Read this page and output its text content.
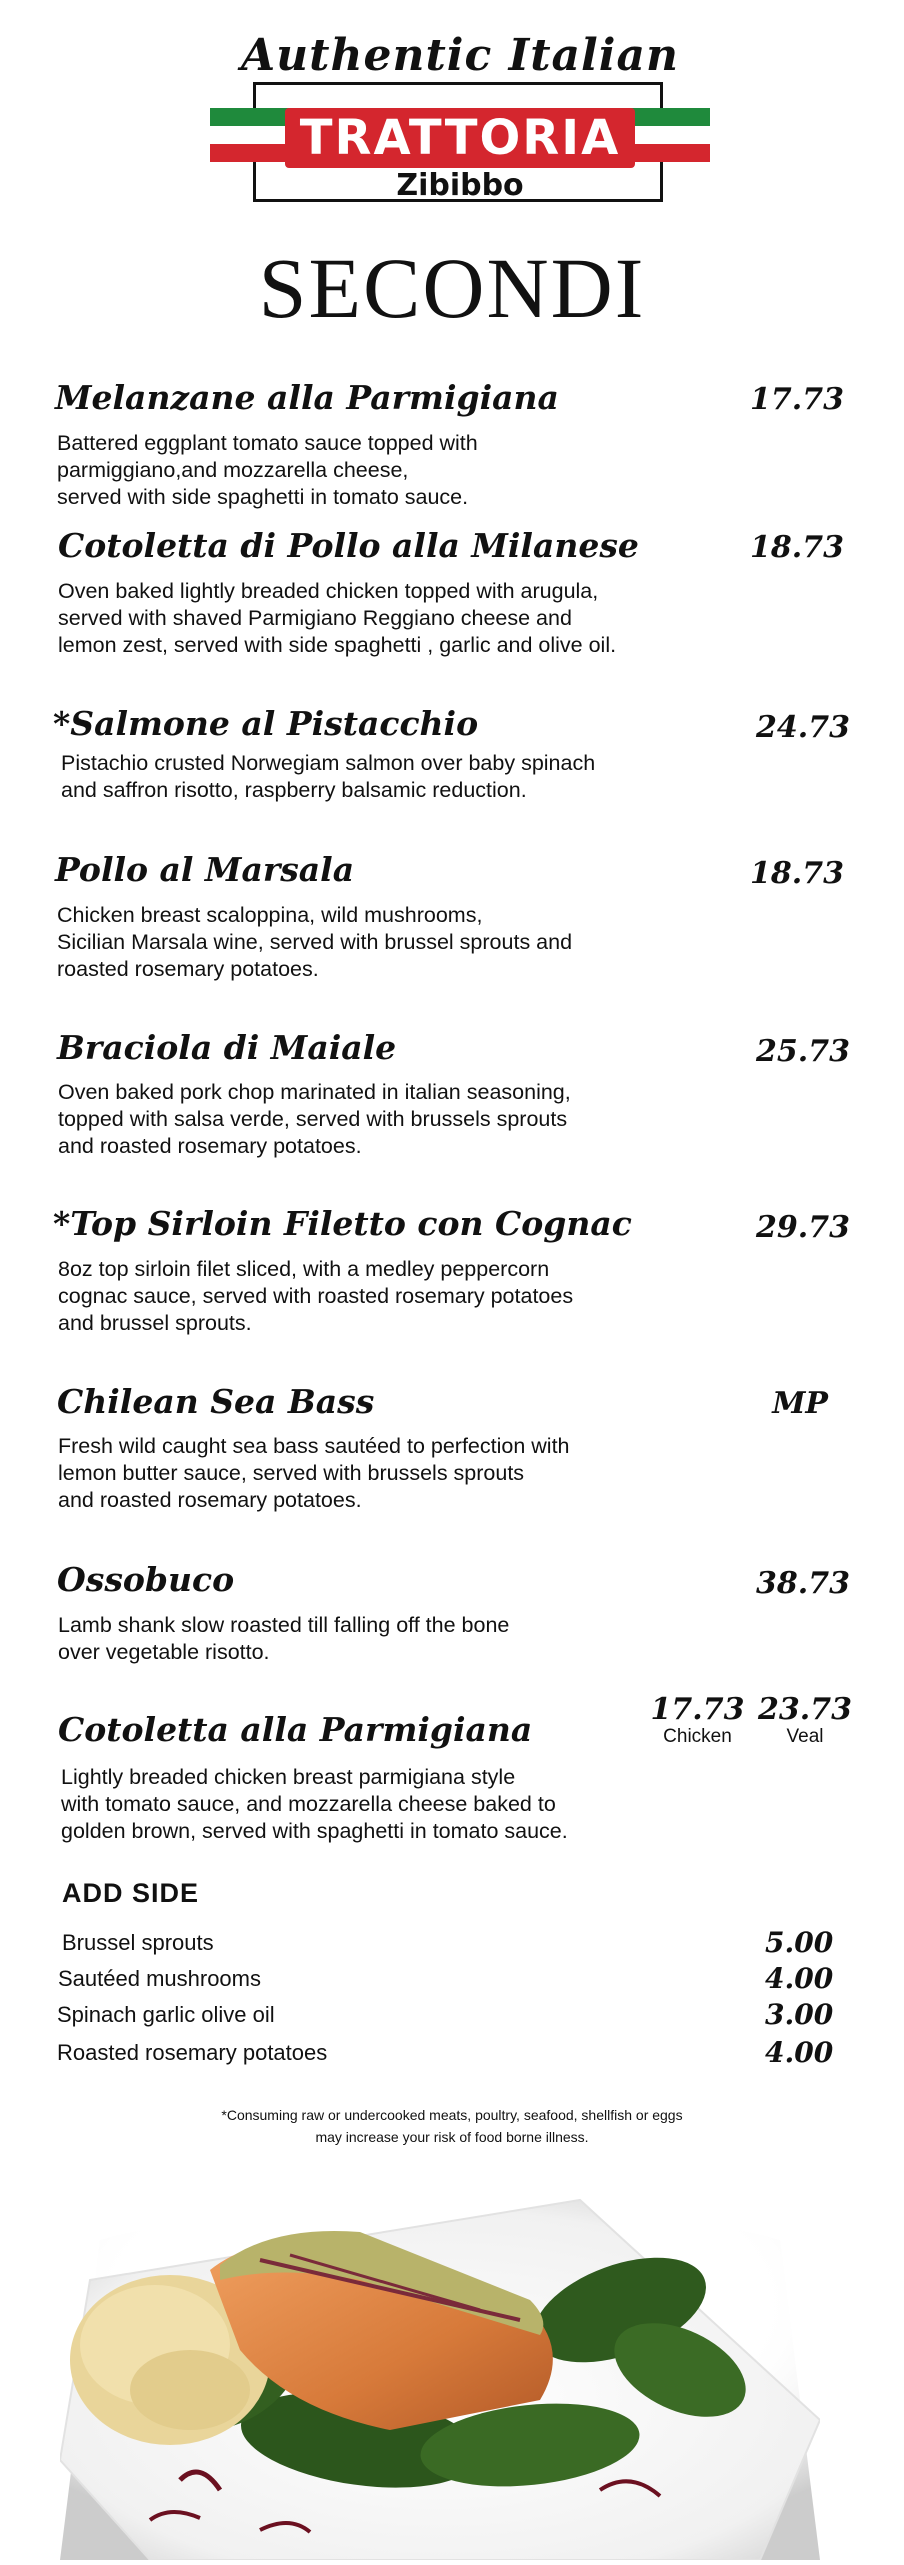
Authentic Italian
TRATTORIA
Zibibbo
SECONDI
Melanzane alla Parmigiana	17.73
Battered eggplant tomato sauce topped with
parmiggiano,and mozzarella cheese,
served with side spaghetti in tomato sauce.
Cotoletta di Pollo alla Milanese	18.73
Oven baked lightly breaded chicken topped with arugula,
served with shaved Parmigiano Reggiano cheese and
lemon zest, served with side spaghetti , garlic and olive oil.
*Salmone al Pistacchio	24.73
Pistachio crusted Norwegiam salmon over baby spinach
and saffron risotto, raspberry balsamic reduction.
Pollo al Marsala	18.73
Chicken breast scaloppina, wild mushrooms,
Sicilian Marsala wine, served with brussel sprouts and
roasted rosemary potatoes.
Braciola di Maiale	25.73
Oven baked pork chop marinated in italian seasoning,
topped with salsa verde, served with brussels sprouts
and roasted rosemary potatoes.
*Top Sirloin Filetto con Cognac	29.73
8oz top sirloin filet sliced, with a medley peppercorn
cognac sauce, served with roasted rosemary potatoes
and brussel sprouts.
Chilean Sea Bass	MP
Fresh wild caught sea bass sautéed to perfection with
lemon butter sauce, served with brussels sprouts
and roasted rosemary potatoes.
Ossobuco	38.73
Lamb shank slow roasted till falling off the bone
over vegetable risotto.
Cotoletta alla Parmigiana
17.73
Chicken
23.73
Veal
Lightly breaded chicken breast parmigiana style
with tomato sauce, and mozzarella cheese baked to
golden brown, served with spaghetti in tomato sauce.
ADD SIDE
Brussel sprouts	5.00
Sautéed mushrooms	4.00
Spinach garlic olive oil	3.00
Roasted rosemary potatoes	4.00
*Consuming raw or undercooked meats, poultry, seafood, shellfish or eggs
may increase your risk of food borne illness.
